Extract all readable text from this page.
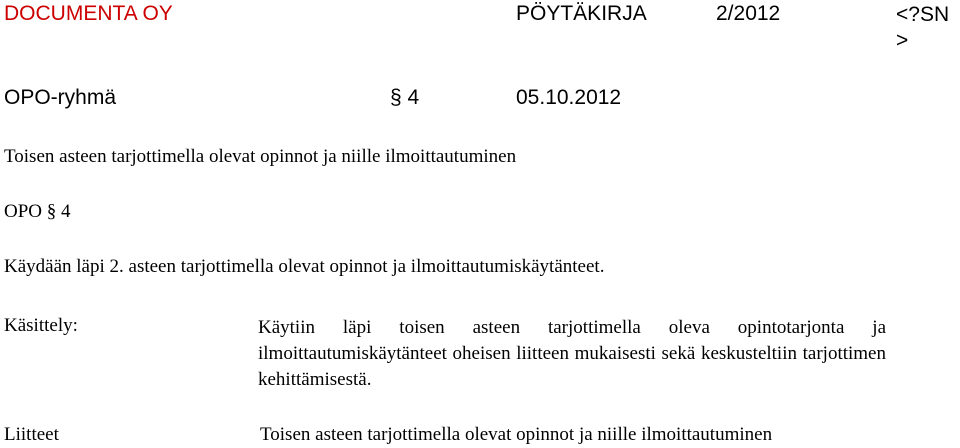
DOCUMENTA OY	PÖYTÄKIRJA	2/2012	<?SN >
OPO-ryhmä	§ 4	05.10.2012
Toisen asteen tarjottimella olevat opinnot ja niille ilmoittautuminen
OPO § 4
Käydään läpi 2. asteen tarjottimella olevat opinnot ja ilmoittautumiskäytänteet.
Käsittely:	Käytiin läpi toisen asteen tarjottimella oleva opintotarjonta ja ilmoittautumiskäytänteet oheisen liitteen mukaisesti sekä keskusteltiin tarjottimen kehittämisestä.
Liitteet	Toisen asteen tarjottimella olevat opinnot ja niille ilmoittautuminen
